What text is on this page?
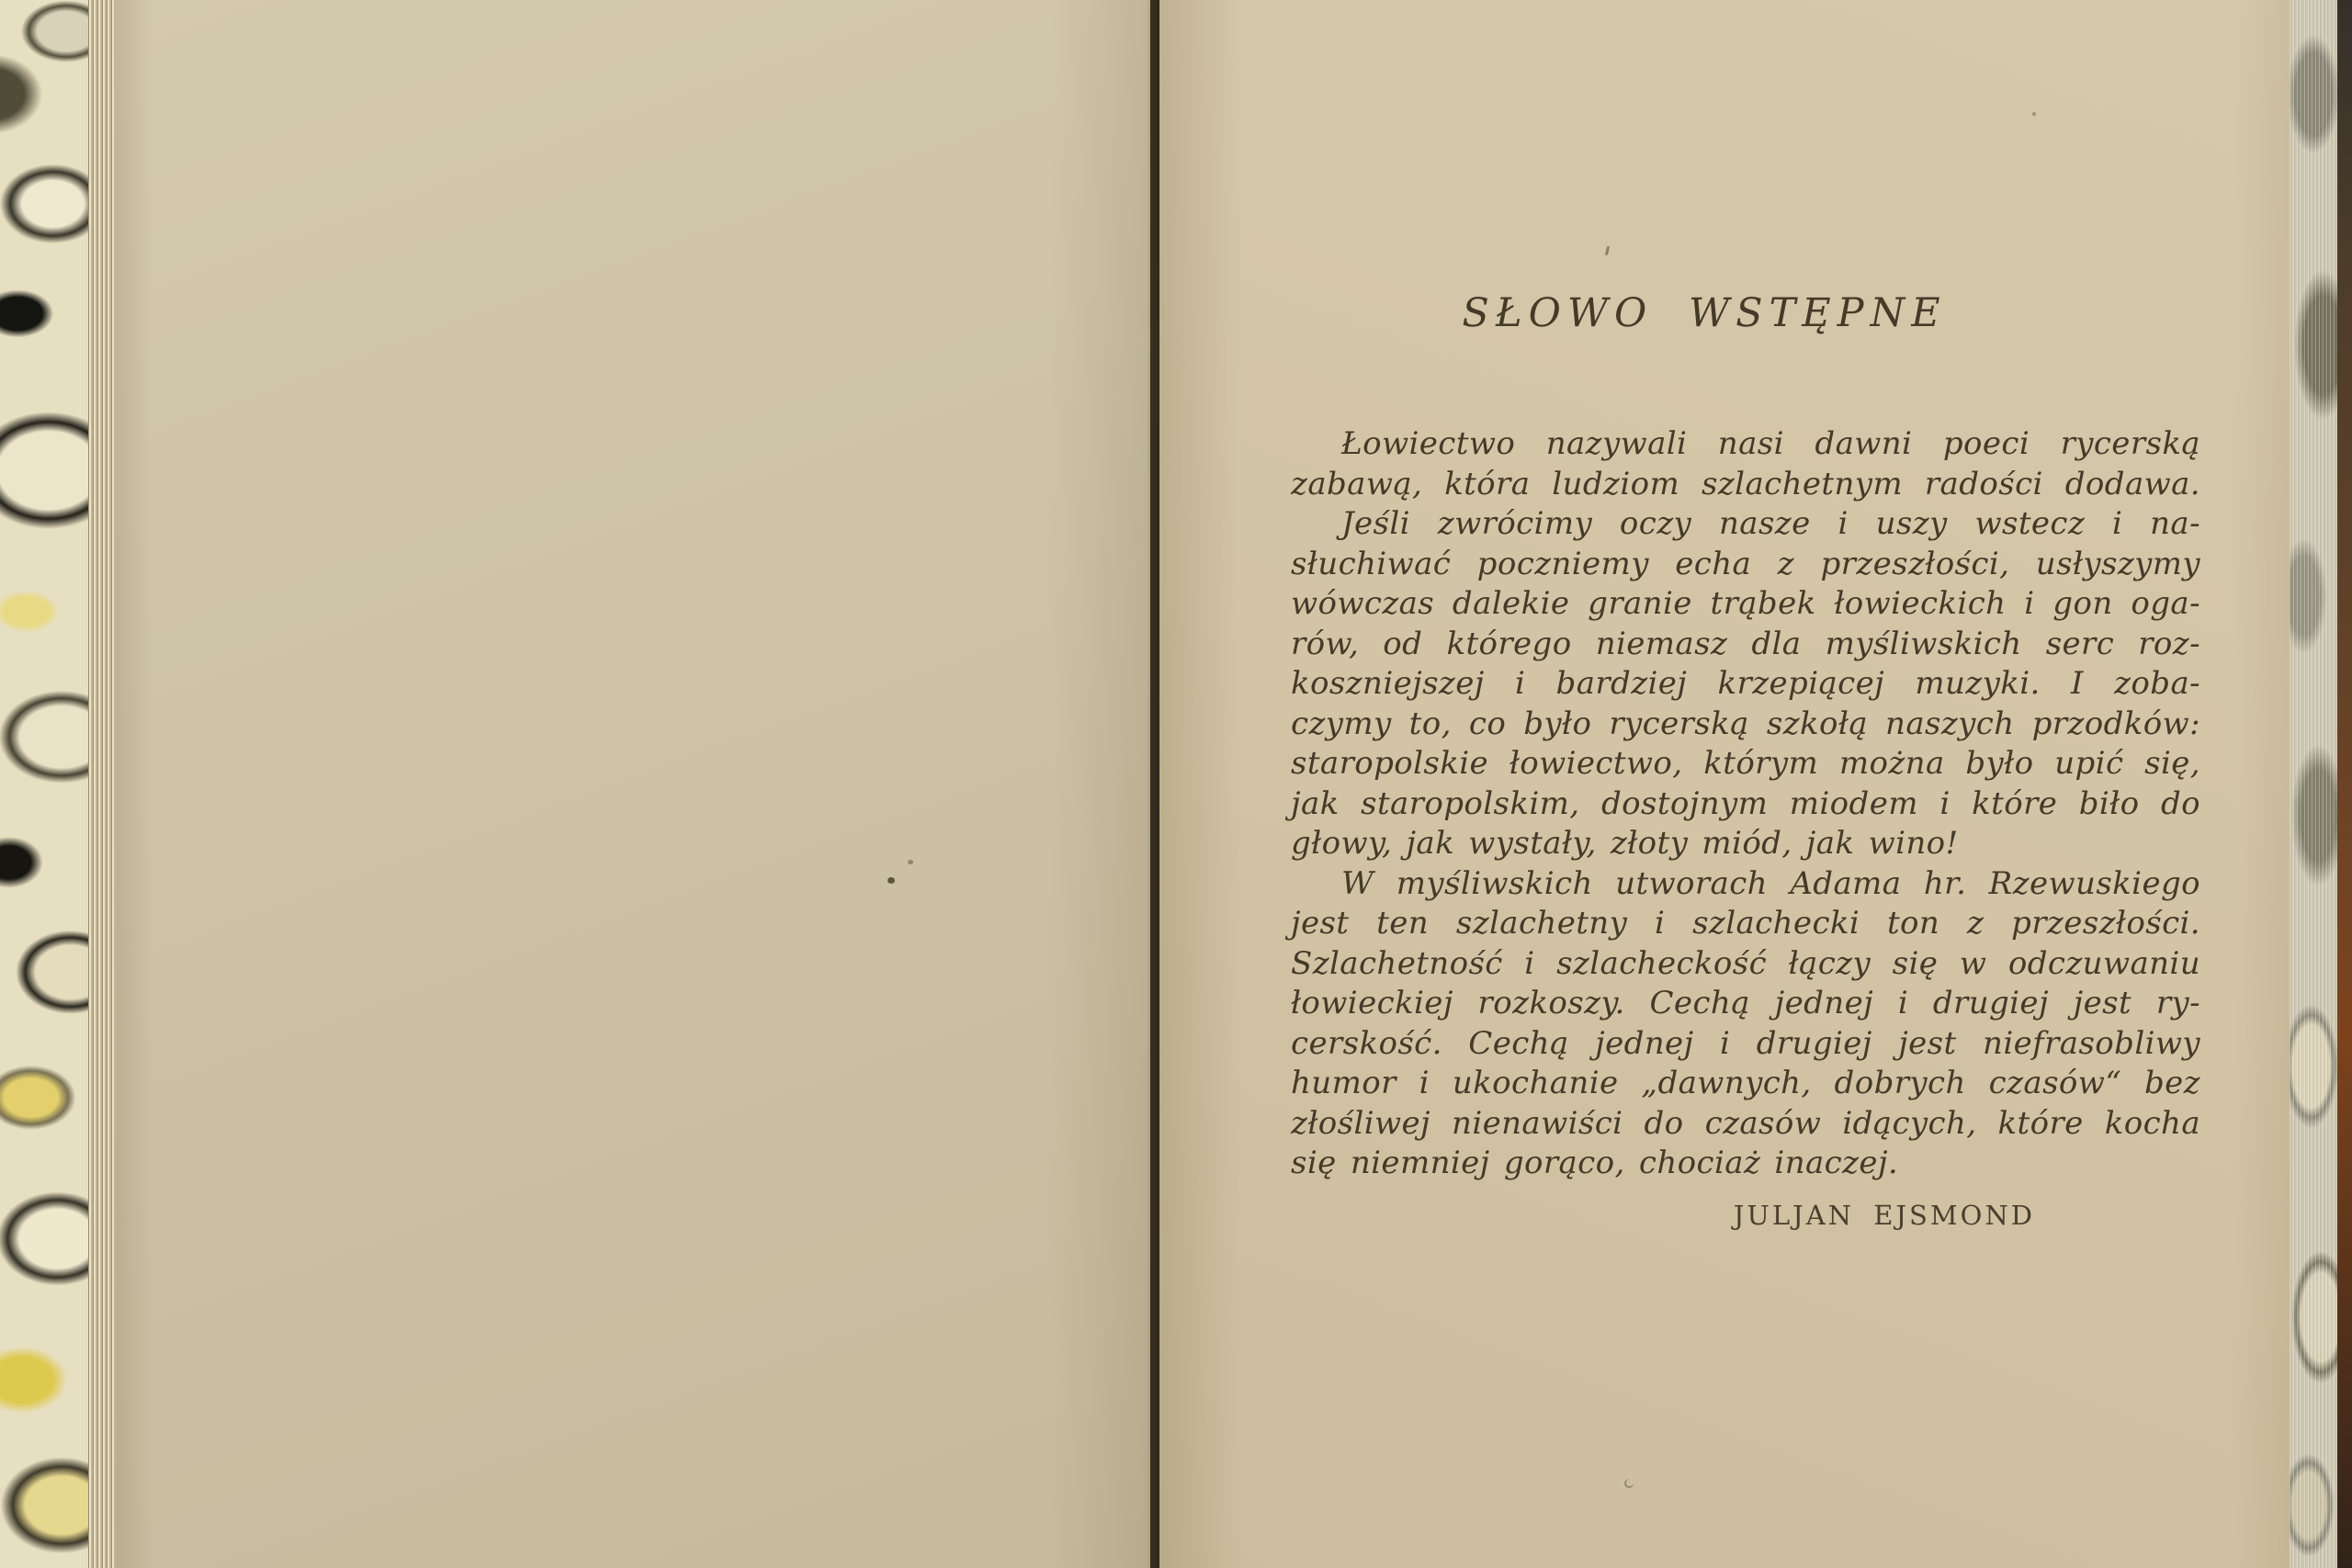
SŁOWO WSTĘPNE
Łowiectwo nazywali nasi dawni poeci rycerską
zabawą, która ludziom szlachetnym radości dodawa.
Jeśli zwrócimy oczy nasze i uszy wstecz i na-
słuchiwać poczniemy echa z przeszłości, usłyszymy
wówczas dalekie granie trąbek łowieckich i gon oga-
rów, od którego niemasz dla myśliwskich serc roz-
koszniejszej i bardziej krzepiącej muzyki. I zoba-
czymy to, co było rycerską szkołą naszych przodków:
staropolskie łowiectwo, którym można było upić się,
jak staropolskim, dostojnym miodem i które biło do
głowy, jak wystały, złoty miód, jak wino!
W myśliwskich utworach Adama hr. Rzewuskiego
jest ten szlachetny i szlachecki ton z przeszłości.
Szlachetność i szlacheckość łączy się w odczuwaniu
łowieckiej rozkoszy. Cechą jednej i drugiej jest ry-
cerskość. Cechą jednej i drugiej jest niefrasobliwy
humor i ukochanie „dawnych, dobrych czasów“ bez
złośliwej nienawiści do czasów idących, które kocha
się niemniej gorąco, chociaż inaczej.
JULJAN EJSMOND
